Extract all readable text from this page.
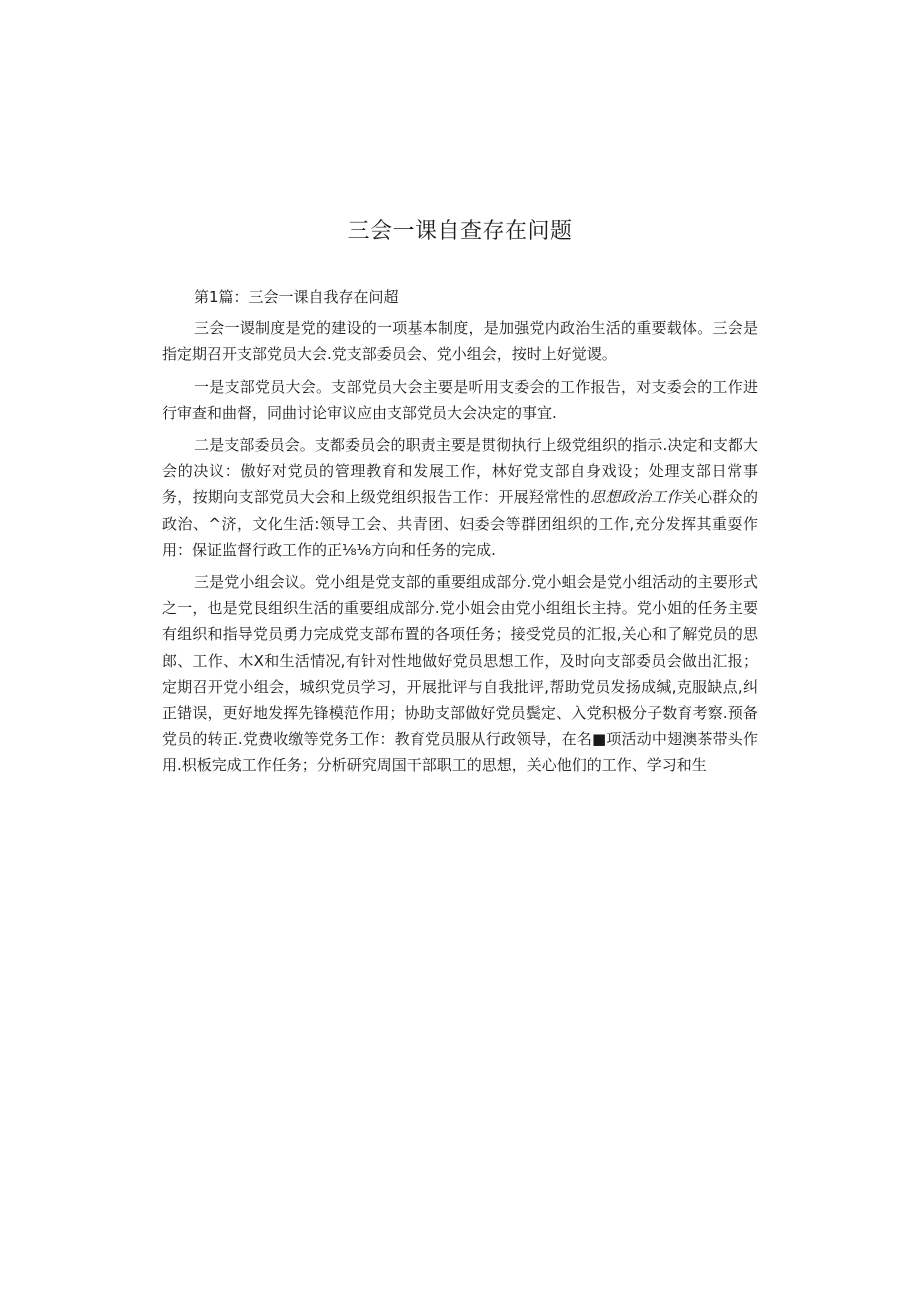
三会一课自查存在问题

第1篇：三会一课自我存在问超

三会一谡制度是党的建设的一项基本制度，是加强党内政治生活的重要载体。三会是指定期召开支部党员大会.党支部委员会、党小组会，按时上好觉谡。

一是支部党员大会。支部党员大会主要是听用支委会的工作报告，对支委会的工作进行审查和曲督，同曲讨论审议应由支部党员大会决定的事宜.

二是支部委员会。支都委员会的职责主要是贯彻执行上级党组织的指示.决定和支都大会的决议：傲好对党员的管理教育和发展工作，林好党支部自身戏设；处理支部日常事务，按期向支部党员大会和上级党组织报告工作：开展羟常性的思想政治工作关心群众的政治、^济，文化生活:领导工会、共青团、妇委会等群团组织的工作,充分发挥其重耍作用：保证监督行政工作的正⅛⅛方向和任务的完成.

三是党小组会议。党小组是党支部的重要组成部分.党小蛆会是党小组活动的主要形式之一，也是党艮组织生活的重要组成部分.党小姐会由党小组组长主持。党小姐的任务主要有组织和指导党员勇力完成党支部布置的各项任务；接受党员的汇报,关心和了解党员的思郎、工作、木X和生活情况,有针对性地做好党员思想工作，及时向支部委员会做出汇报；定期召开党小组会，城织党员学习，开展批评与自我批评,帮助党员发扬成缄,克服缺点,纠正错误，更好地发挥先锋模范作用；协助支部做好党员鬓定、入党积极分子数育考察.预备党员的转正.党费收缴等党务工作：教育党员服从行政领导，在名■项活动中翅澳茶带头作用.枳板完成工作任务；分析研究周国干部职工的思想，关心他们的工作、学习和生
